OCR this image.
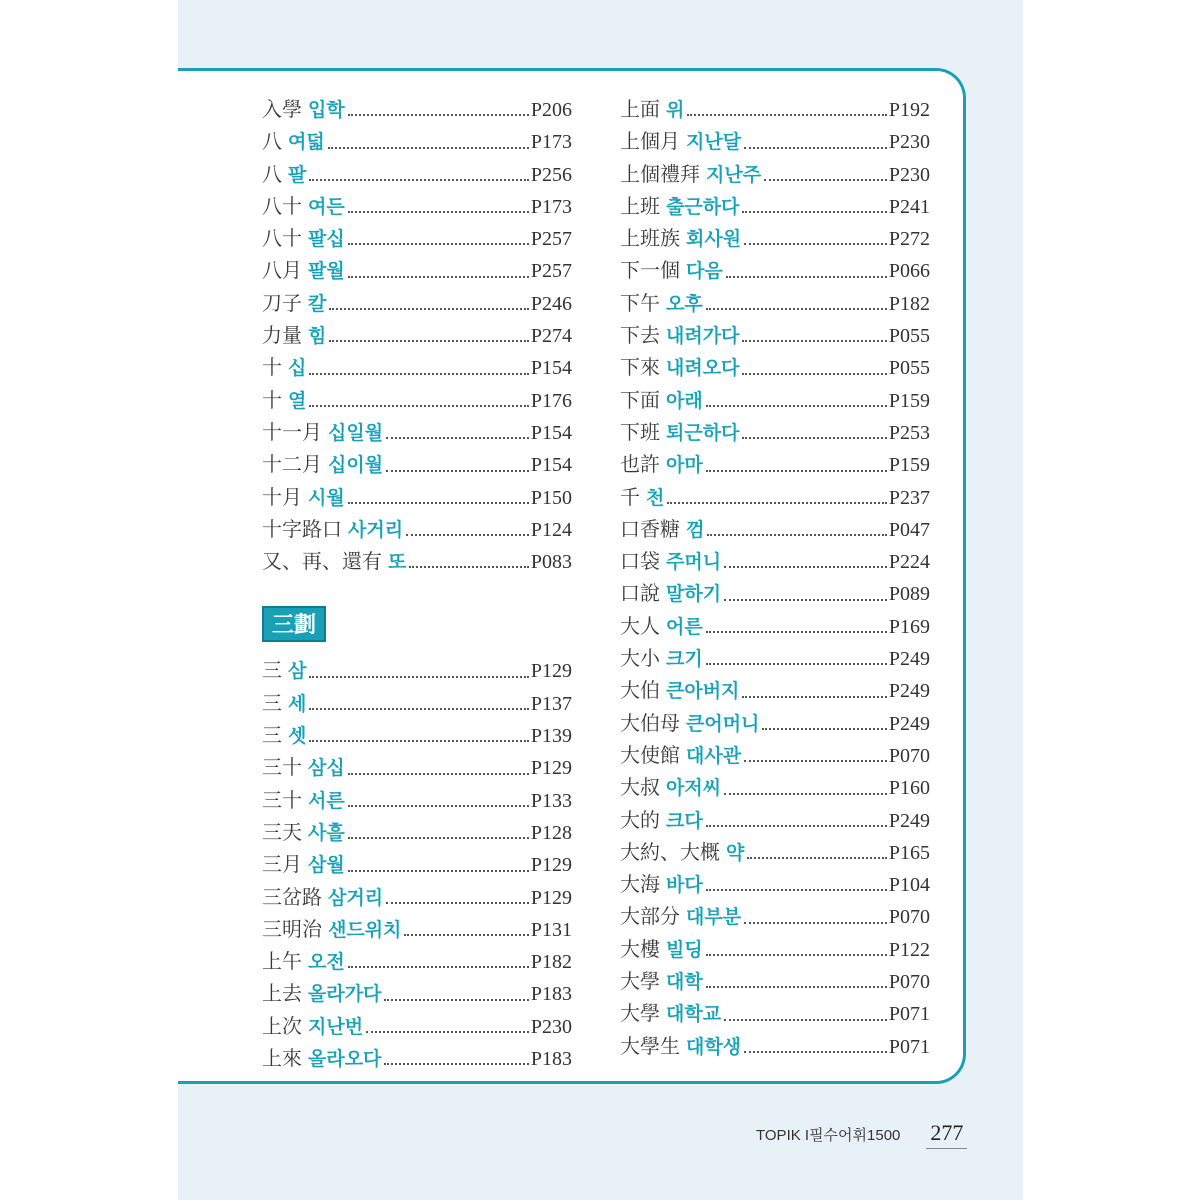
入學 입학	P206
八 여덟	P173
八 팔	P256
八十 여든	P173
八十 팔십	P257
八月 팔월	P257
刀子 칼	P246
力量 힘	P274
十 십	P154
十 열	P176
十一月 십일월	P154
十二月 십이월	P154
十月 시월	P150
十字路口 사거리	P124
又、再、還有 또	P083
三劃
三 삼	P129
三 세	P137
三 셋	P139
三十 삼십	P129
三十 서른	P133
三天 사흘	P128
三月 삼월	P129
三岔路 삼거리	P129
三明治 샌드위치	P131
上午 오전	P182
上去 올라가다	P183
上次 지난번	P230
上來 올라오다	P183
上面 위	P192
上個月 지난달	P230
上個禮拜 지난주	P230
上班 출근하다	P241
上班族 회사원	P272
下一個 다음	P066
下午 오후	P182
下去 내려가다	P055
下來 내려오다	P055
下面 아래	P159
下班 퇴근하다	P253
也許 아마	P159
千 천	P237
口香糖 껌	P047
口袋 주머니	P224
口說 말하기	P089
大人 어른	P169
大小 크기	P249
大伯 큰아버지	P249
大伯母 큰어머니	P249
大使館 대사관	P070
大叔 아저씨	P160
大的 크다	P249
大約、大概 약	P165
大海 바다	P104
大部分 대부분	P070
大樓 빌딩	P122
大學 대학	P070
大學 대학교	P071
大學生 대학생	P071
TOPIK I필수어휘1500 277
